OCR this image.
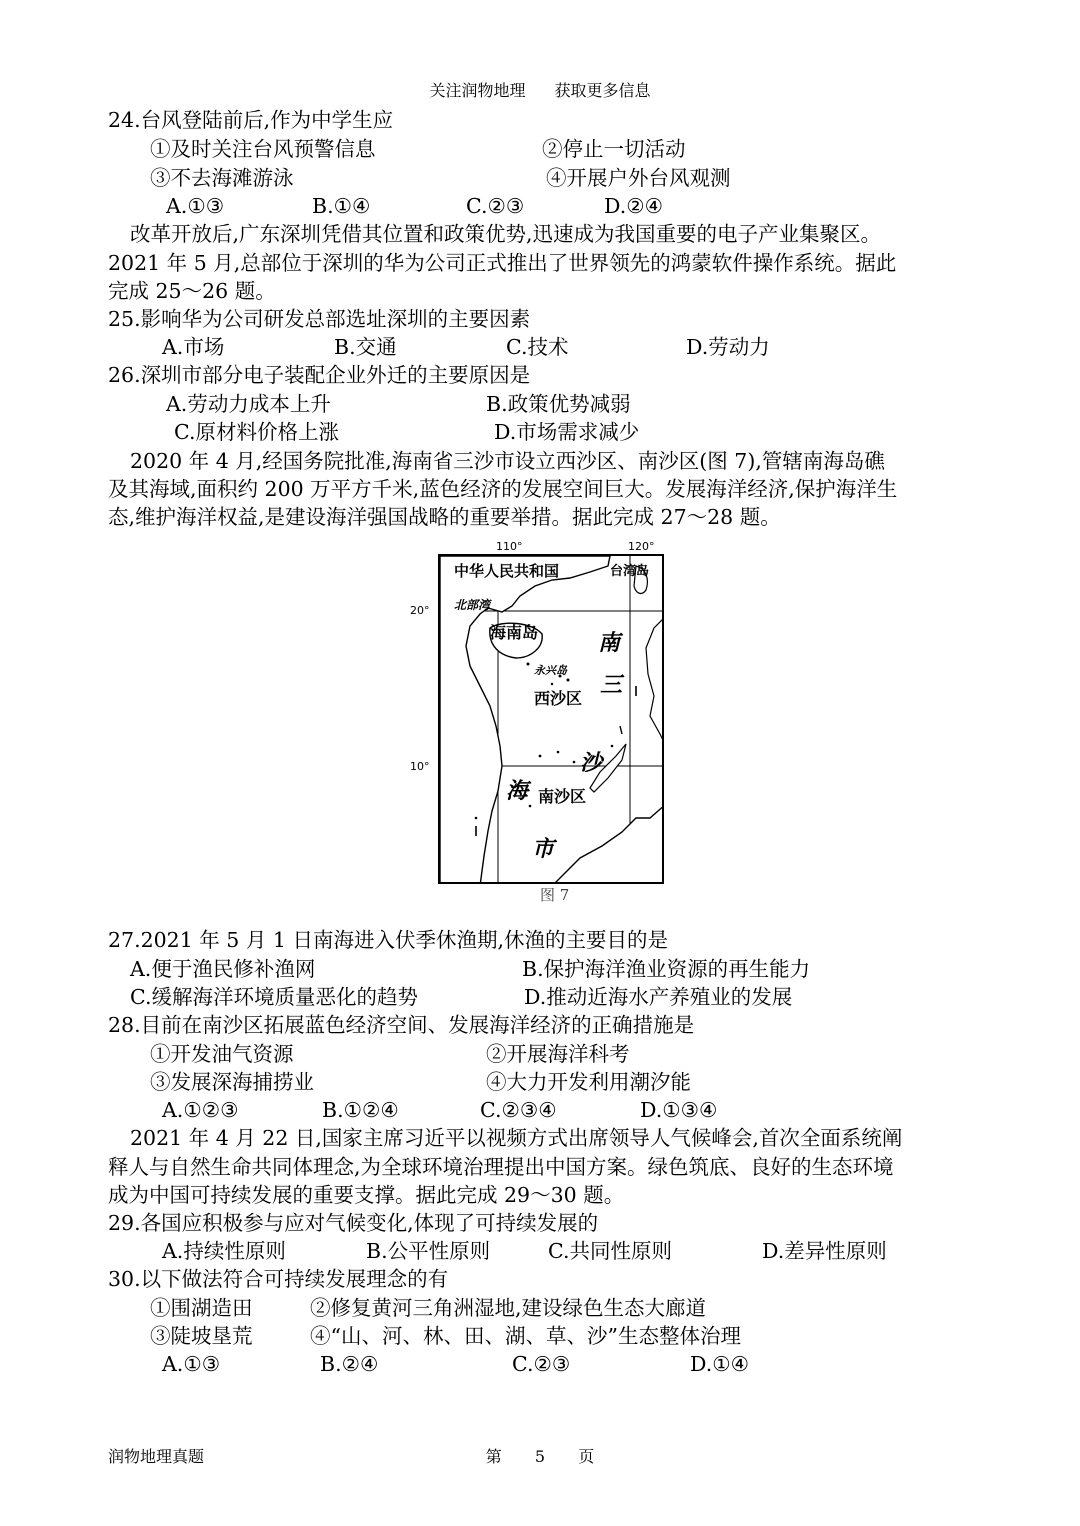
关注润物地理 获取更多信息
24.台风登陆前后,作为中学生应
①及时关注台风预警信息	②停止一切活动
③不去海滩游泳	④开展户外台风观测
A.①③	B.①④	C.②③	D.②④
改革开放后,广东深圳凭借其位置和政策优势,迅速成为我国重要的电子产业集聚区。
2021 年 5 月,总部位于深圳的华为公司正式推出了世界领先的鸿蒙软件操作系统。据此
完成 25～26 题。
25.影响华为公司研发总部选址深圳的主要因素
A.市场	B.交通	C.技术	D.劳动力
26.深圳市部分电子装配企业外迁的主要原因是
A.劳动力成本上升	B.政策优势减弱
C.原材料价格上涨	D.市场需求减少
2020 年 4 月,经国务院批准,海南省三沙市设立西沙区、南沙区(图 7),管辖南海岛礁
及其海域,面积约 200 万平方千米,蓝色经济的发展空间巨大。发展海洋经济,保护海洋生
态,维护海洋权益,是建设海洋强国战略的重要举措。据此完成 27～28 题。
110°	120°
20°
10°
中华人民共和国	台湾岛
北部湾
海南岛
永兴岛
西沙区
南
三
沙
海 南沙区
市
图 7
27.2021 年 5 月 1 日南海进入伏季休渔期,休渔的主要目的是
A.便于渔民修补渔网	B.保护海洋渔业资源的再生能力
C.缓解海洋环境质量恶化的趋势	D.推动近海水产养殖业的发展
28.目前在南沙区拓展蓝色经济空间、发展海洋经济的正确措施是
①开发油气资源	②开展海洋科考
③发展深海捕捞业	④大力开发利用潮汐能
A.①②③	B.①②④	C.②③④	D.①③④
2021 年 4 月 22 日,国家主席习近平以视频方式出席领导人气候峰会,首次全面系统阐
释人与自然生命共同体理念,为全球环境治理提出中国方案。绿色筑底、良好的生态环境
成为中国可持续发展的重要支撑。据此完成 29～30 题。
29.各国应积极参与应对气候变化,体现了可持续发展的
A.持续性原则	B.公平性原则	C.共同性原则	D.差异性原则
30.以下做法符合可持续发展理念的有
①围湖造田	②修复黄河三角洲湿地,建设绿色生态大廊道
③陡坡垦荒	④“山、河、林、田、湖、草、沙”生态整体治理
A.①③	B.②④	C.②③	D.①④
润物地理真题	第 5 页
